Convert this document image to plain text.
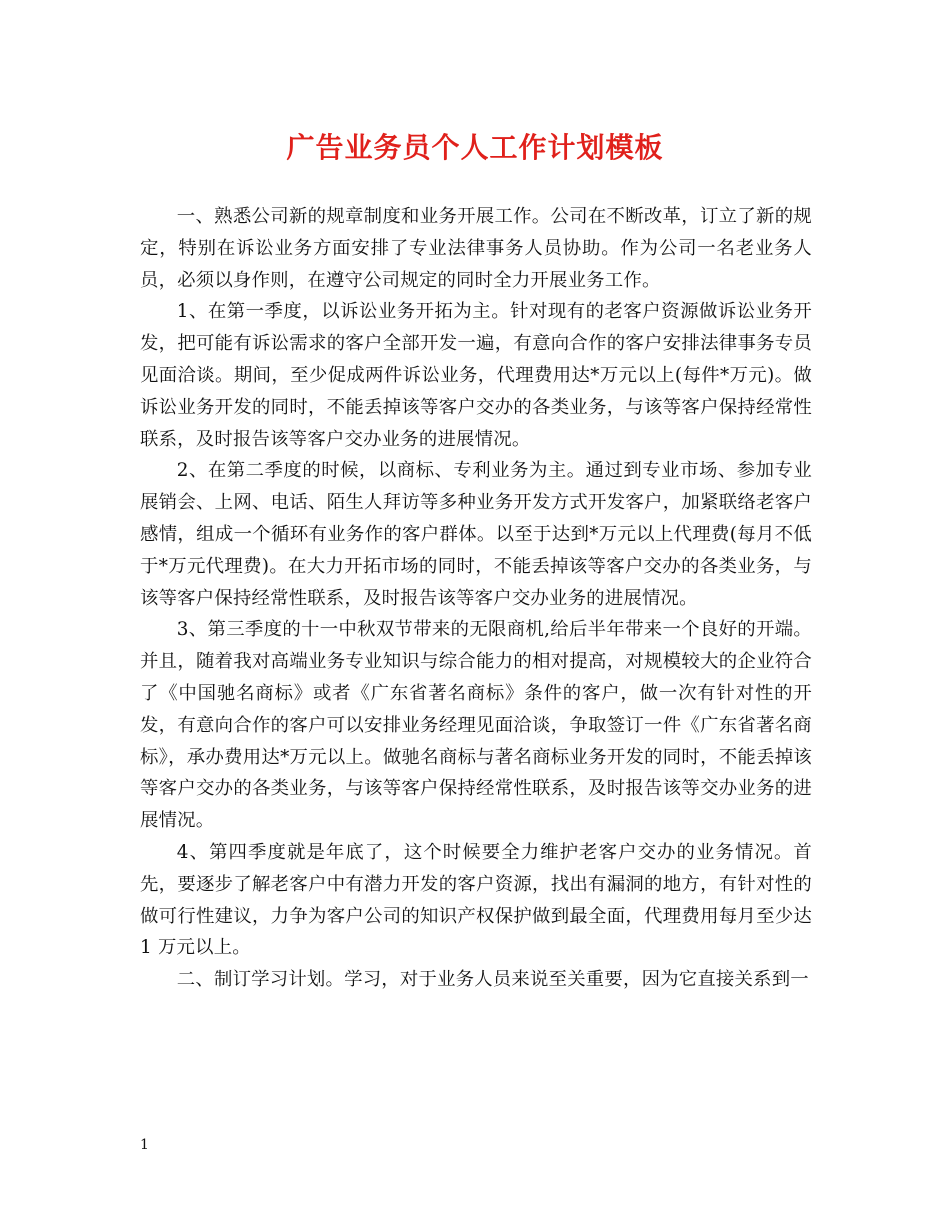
广告业务员个人工作计划模板

一、熟悉公司新的规章制度和业务开展工作。公司在不断改革，订立了新的规定，特别在诉讼业务方面安排了专业法律事务人员协助。作为公司一名老业务人员，必须以身作则，在遵守公司规定的同时全力开展业务工作。

1、在第一季度，以诉讼业务开拓为主。针对现有的老客户资源做诉讼业务开发，把可能有诉讼需求的客户全部开发一遍，有意向合作的客户安排法律事务专员见面洽谈。期间，至少促成两件诉讼业务，代理费用达*万元以上(每件*万元)。做诉讼业务开发的同时，不能丢掉该等客户交办的各类业务，与该等客户保持经常性联系，及时报告该等客户交办业务的进展情况。

2、在第二季度的时候，以商标、专利业务为主。通过到专业市场、参加专业展销会、上网、电话、陌生人拜访等多种业务开发方式开发客户，加紧联络老客户感情，组成一个循环有业务作的客户群体。以至于达到*万元以上代理费(每月不低于*万元代理费)。在大力开拓市场的同时，不能丢掉该等客户交办的各类业务，与该等客户保持经常性联系，及时报告该等客户交办业务的进展情况。

3、第三季度的十一中秋双节带来的无限商机,给后半年带来一个良好的开端。并且，随着我对高端业务专业知识与综合能力的相对提高，对规模较大的企业符合了《中国驰名商标》或者《广东省著名商标》条件的客户，做一次有针对性的开发，有意向合作的客户可以安排业务经理见面洽谈，争取签订一件《广东省著名商标》，承办费用达*万元以上。做驰名商标与著名商标业务开发的同时，不能丢掉该等客户交办的各类业务，与该等客户保持经常性联系，及时报告该等交办业务的进展情况。

4、第四季度就是年底了，这个时候要全力维护老客户交办的业务情况。首先，要逐步了解老客户中有潜力开发的客户资源，找出有漏洞的地方，有针对性的做可行性建议，力争为客户公司的知识产权保护做到最全面，代理费用每月至少达 1 万元以上。

二、制订学习计划。学习，对于业务人员来说至关重要，因为它直接关系到一

1
